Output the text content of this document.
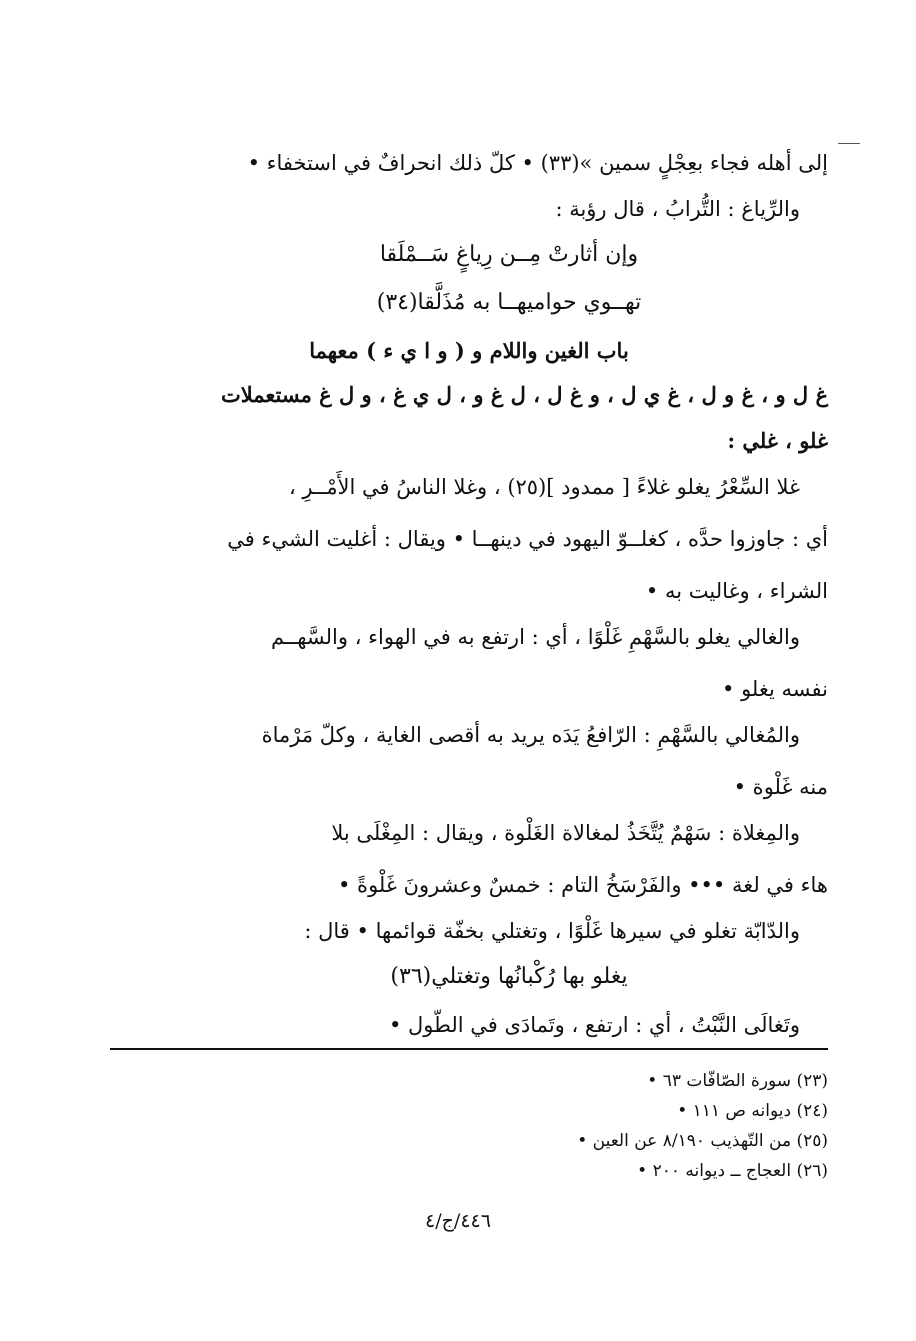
إلى أهله فجاء بعِجْلٍ سمين »(٣٣) • كلّ ذلك انحرافٌ في استخفاء •
والرِّياغ : التُّرابُ ، قال رؤبة :
وإن أثارتْ مِــن رِياغٍ سَــمْلَقا
تهــوي حواميهــا به مُذَلَّقا(٣٤)
باب الغين واللام و ( و ا ي ء ) معهما
غ ل و ، غ و ل ، غ ي ل ، و غ ل ، ل غ و ، ل ي غ ، و ل غ مستعملات
غلو ، غلي :
غلا السِّعْرُ يغلو غلاءً [ ممدود ](٢٥) ، وغلا الناسُ في الأَمْــرِ ،
أي : جاوزوا حدَّه ، كغلــوّ اليهود في دينهــا • ويقال : أغليت الشيء في
الشراء ، وغاليت به •
والغالي يغلو بالسَّهْمِ غَلْوًا ، أي : ارتفع به في الهواء ، والسَّهــم
نفسه يغلو •
والمُغالي بالسَّهْمِ : الرّافعُ يَدَه يريد به أقصى الغاية ، وكلّ مَرْماة
منه غَلْوة •
والمِغلاة : سَهْمٌ يُتَّخَذُ لمغالاة الغَلْوة ، ويقال : المِغْلَى بلا
هاء في لغة ••• والفَرْسَخُ التام : خمسٌ وعشرونَ غَلْوةً •
والدّابّة تغلو في سيرها غَلْوًا ، وتغتلي بخفّة قوائمها • قال :
يغلو بها رُكْبانُها وتغتلي(٣٦)
وتَغالَى النَّبْتُ ، أي : ارتفع ، وتَمادَى في الطّول •
(٢٣) سورة الصّافّات ٦٣ •
(٢٤) ديوانه ص ١١١ •
(٢٥) من التّهذيب ٨/١٩٠ عن العين •
(٢٦) العجاج ــ ديوانه ٢٠٠ •
٤٤٦/ج/٤
